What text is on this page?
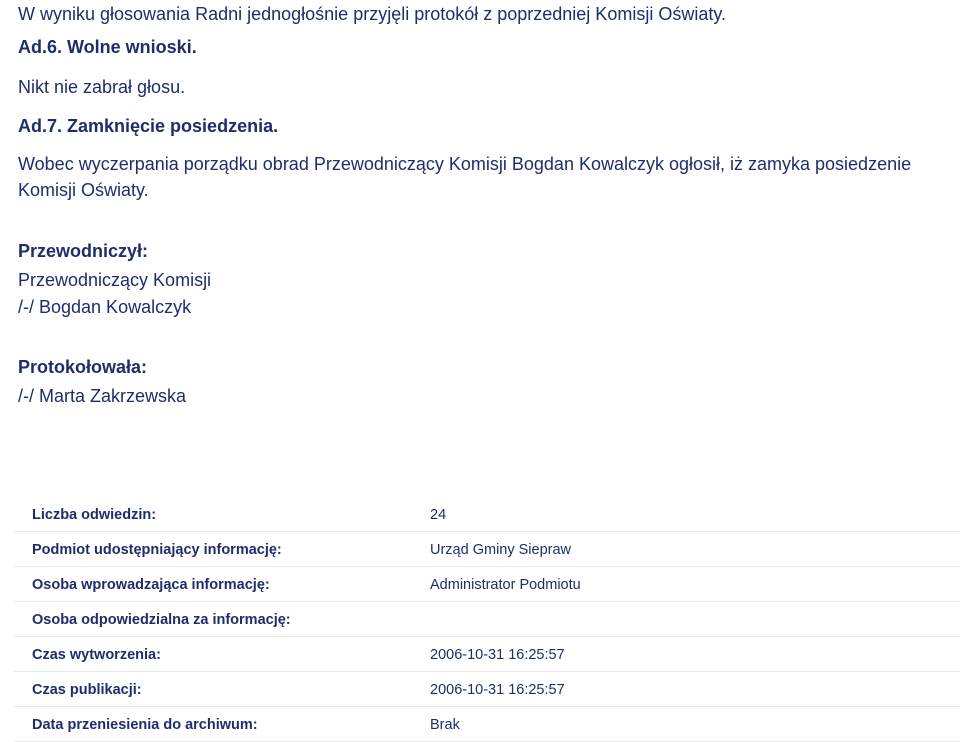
W wyniku głosowania Radni jednogłośnie przyjęli protokół z poprzedniej Komisji Oświaty.
Ad.6. Wolne wnioski.
Nikt nie zabrał głosu.
Ad.7. Zamknięcie posiedzenia.
Wobec wyczerpania porządku obrad Przewodniczący Komisji Bogdan Kowalczyk ogłosił, iż zamyka posiedzenie Komisji Oświaty.
Przewodniczył:
Przewodniczący Komisji
/-/ Bogdan Kowalczyk
Protokołowała:
/-/ Marta Zakrzewska
Liczba odwiedzin:	24
Podmiot udostępniający informację:	Urząd Gminy Siepraw
Osoba wprowadzająca informację:	Administrator Podmiotu
Osoba odpowiedzialna za informację:
Czas wytworzenia:	2006-10-31 16:25:57
Czas publikacji:	2006-10-31 16:25:57
Data przeniesienia do archiwum:	Brak
